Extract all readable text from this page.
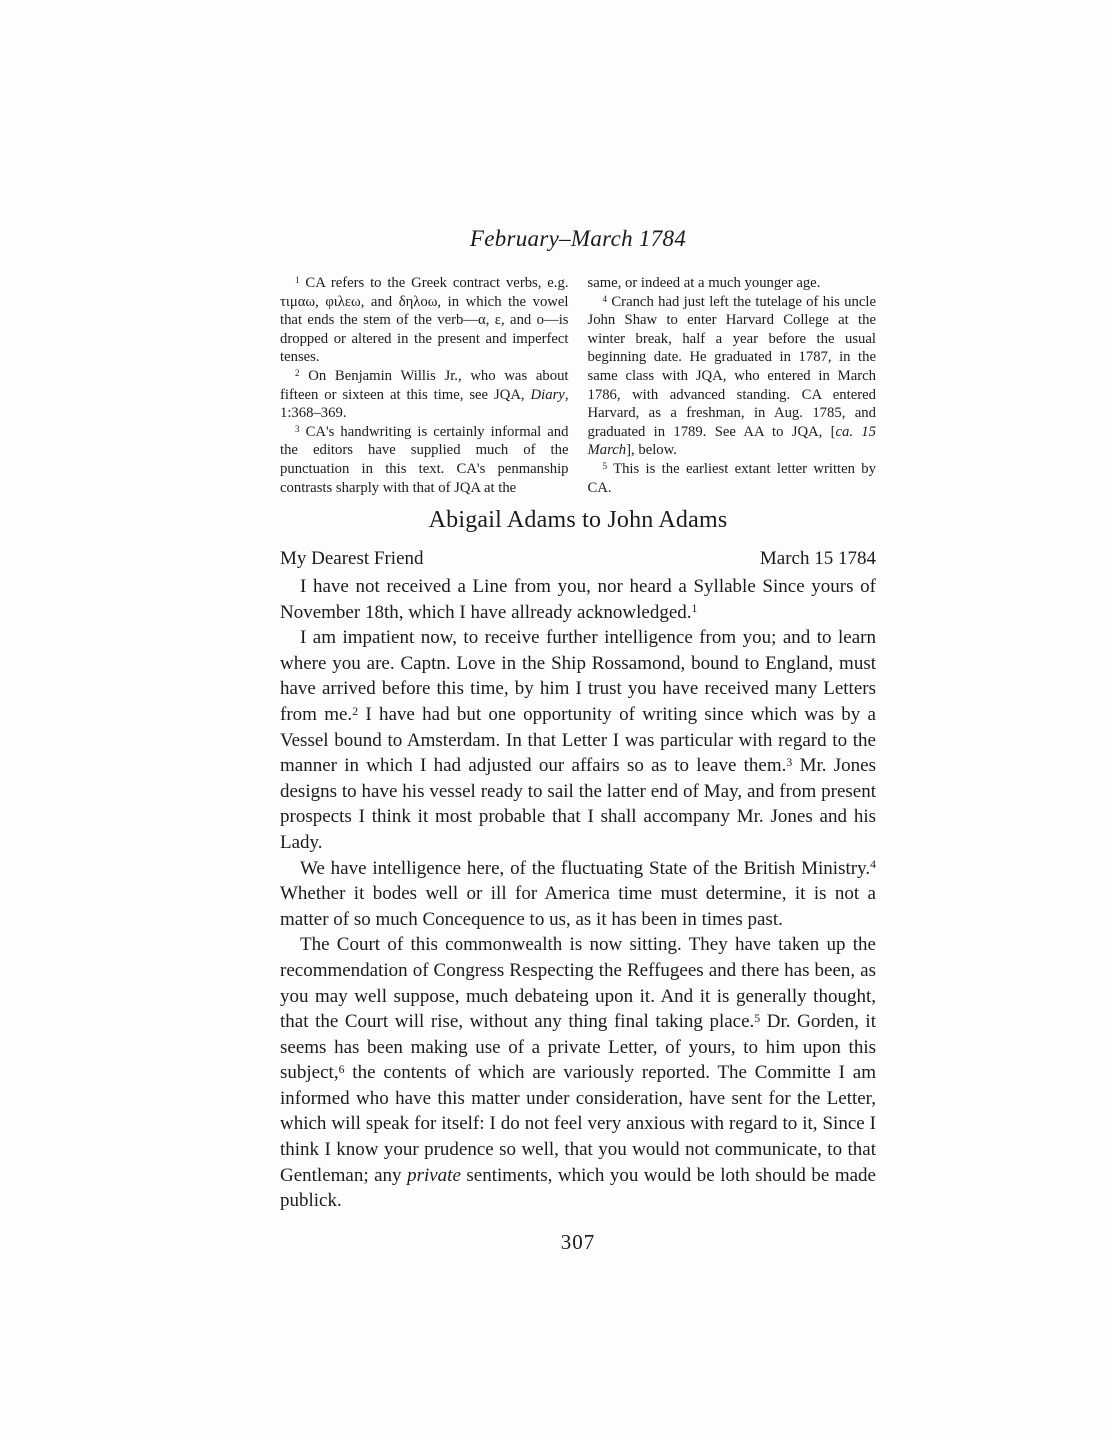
February–March 1784

$^1$ CA refers to the Greek contract verbs, e.g. τιμαω, φιλεω, and δηλοω, in which the vowel that ends the stem of the verb—α, ε, and ο—is dropped or altered in the present and imperfect tenses.

$^2$ On Benjamin Willis Jr., who was about fifteen or sixteen at this time, see JQA, Diary, 1:368–369.

$^3$ CA's handwriting is certainly informal and the editors have supplied much of the punctuation in this text. CA's penmanship contrasts sharply with that of JQA at the

same, or indeed at a much younger age.

$^4$ Cranch had just left the tutelage of his uncle John Shaw to enter Harvard College at the winter break, half a year before the usual beginning date. He graduated in 1787, in the same class with JQA, who entered in March 1786, with advanced standing. CA entered Harvard, as a freshman, in Aug. 1785, and graduated in 1789. See AA to JQA, [ca. 15 March], below.

$^5$ This is the earliest extant letter written by CA.

Abigail Adams to John Adams
My Dearest Friend	March 15 1784

I have not received a Line from you, nor heard a Syllable Since yours of November 18th, which I have allready acknowledged.$^1$

I am impatient now, to receive further intelligence from you; and to learn where you are. Captn. Love in the Ship Rossamond, bound to England, must have arrived before this time, by him I trust you have received many Letters from me.$^2$ I have had but one opportunity of writing since which was by a Vessel bound to Amsterdam. In that Letter I was particular with regard to the manner in which I had adjusted our affairs so as to leave them.$^3$ Mr. Jones designs to have his vessel ready to sail the latter end of May, and from present prospects I think it most probable that I shall accompany Mr. Jones and his Lady.

We have intelligence here, of the fluctuating State of the British Ministry.$^4$ Whether it bodes well or ill for America time must determine, it is not a matter of so much Concequence to us, as it has been in times past.

The Court of this commonwealth is now sitting. They have taken up the recommendation of Congress Respecting the Reffugees and there has been, as you may well suppose, much debateing upon it. And it is generally thought, that the Court will rise, without any thing final taking place.$^5$ Dr. Gorden, it seems has been making use of a private Letter, of yours, to him upon this subject,$^6$ the contents of which are variously reported. The Committe I am informed who have this matter under consideration, have sent for the Letter, which will speak for itself: I do not feel very anxious with regard to it, Since I think I know your prudence so well, that you would not communicate, to that Gentleman; any private sentiments, which you would be loth should be made publick.

307
